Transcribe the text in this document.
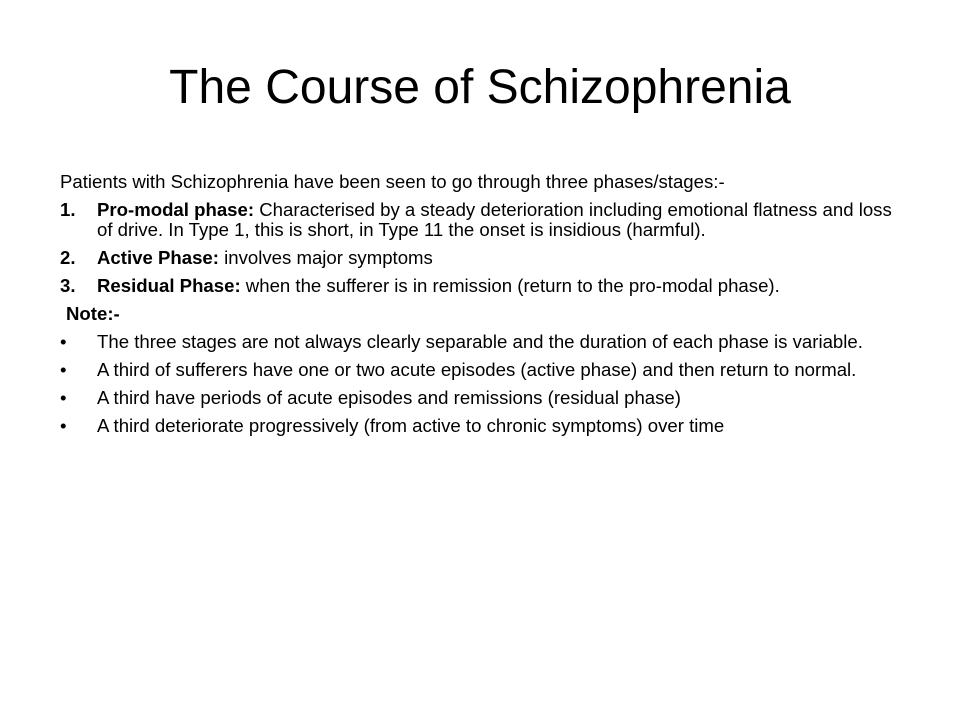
The Course of Schizophrenia
Patients with Schizophrenia have been seen to go through three phases/stages:-
1.	Pro-modal phase: Characterised by a steady deterioration including emotional flatness and loss of drive. In Type 1, this is short, in Type 11 the onset is insidious (harmful).
2.	Active Phase: involves major symptoms
3.	Residual Phase: when the sufferer is in remission (return to the pro-modal phase).
Note:-
•	The three stages are not always clearly separable and the duration of each phase is variable.
•	A third of sufferers have one or two acute episodes (active phase) and then return to normal.
•	A third have periods of acute episodes and remissions (residual phase)
•	A third deteriorate progressively (from active to chronic symptoms) over time
